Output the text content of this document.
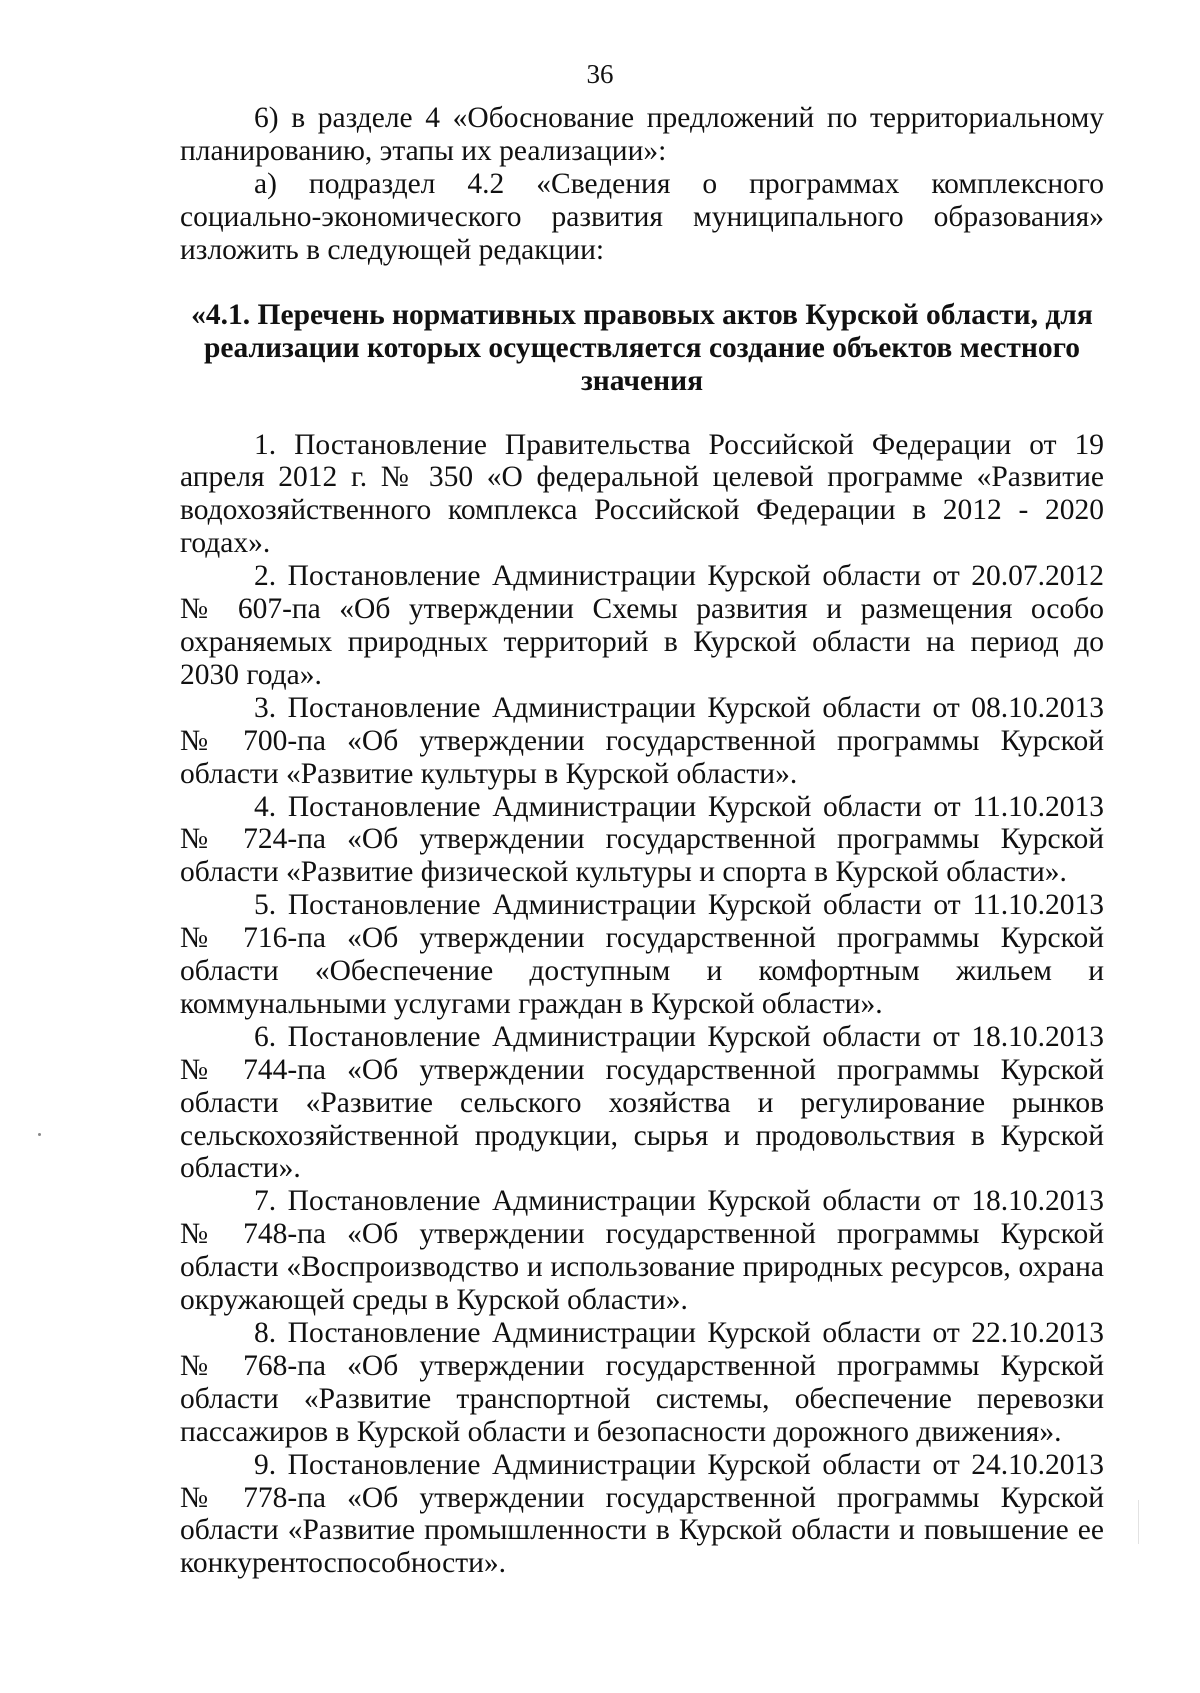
36

6) в разделе 4 «Обоснование предложений по территориальному планированию, этапы их реализации»:

а) подраздел 4.2 «Сведения о программах комплексного социально-экономического развития муниципального образования» изложить в следующей редакции:

«4.1. Перечень нормативных правовых актов Курской области, для реализации которых осуществляется создание объектов местного значения

1. Постановление Правительства Российской Федерации от 19 апреля 2012 г. № 350 «О федеральной целевой программе «Развитие водохозяйственного комплекса Российской Федерации в 2012 - 2020 годах».

2. Постановление Администрации Курской области от 20.07.2012 № 607-па «Об утверждении Схемы развития и размещения особо охраняемых природных территорий в Курской области на период до 2030 года».

3. Постановление Администрации Курской области от 08.10.2013 № 700-па «Об утверждении государственной программы Курской области «Развитие культуры в Курской области».

4. Постановление Администрации Курской области от 11.10.2013 № 724-па «Об утверждении государственной программы Курской области «Развитие физической культуры и спорта в Курской области».

5. Постановление Администрации Курской области от 11.10.2013 № 716-па «Об утверждении государственной программы Курской области «Обеспечение доступным и комфортным жильем и коммунальными услугами граждан в Курской области».

6. Постановление Администрации Курской области от 18.10.2013 № 744-па «Об утверждении государственной программы Курской области «Развитие сельского хозяйства и регулирование рынков сельскохозяйственной продукции, сырья и продовольствия в Курской области».

7. Постановление Администрации Курской области от 18.10.2013 № 748-па «Об утверждении государственной программы Курской области «Воспроизводство и использование природных ресурсов, охрана окружающей среды в Курской области».

8. Постановление Администрации Курской области от 22.10.2013 № 768-па «Об утверждении государственной программы Курской области «Развитие транспортной системы, обеспечение перевозки пассажиров в Курской области и безопасности дорожного движения».

9. Постановление Администрации Курской области от 24.10.2013 № 778-па «Об утверждении государственной программы Курской области «Развитие промышленности в Курской области и повышение ее конкурентоспособности».
